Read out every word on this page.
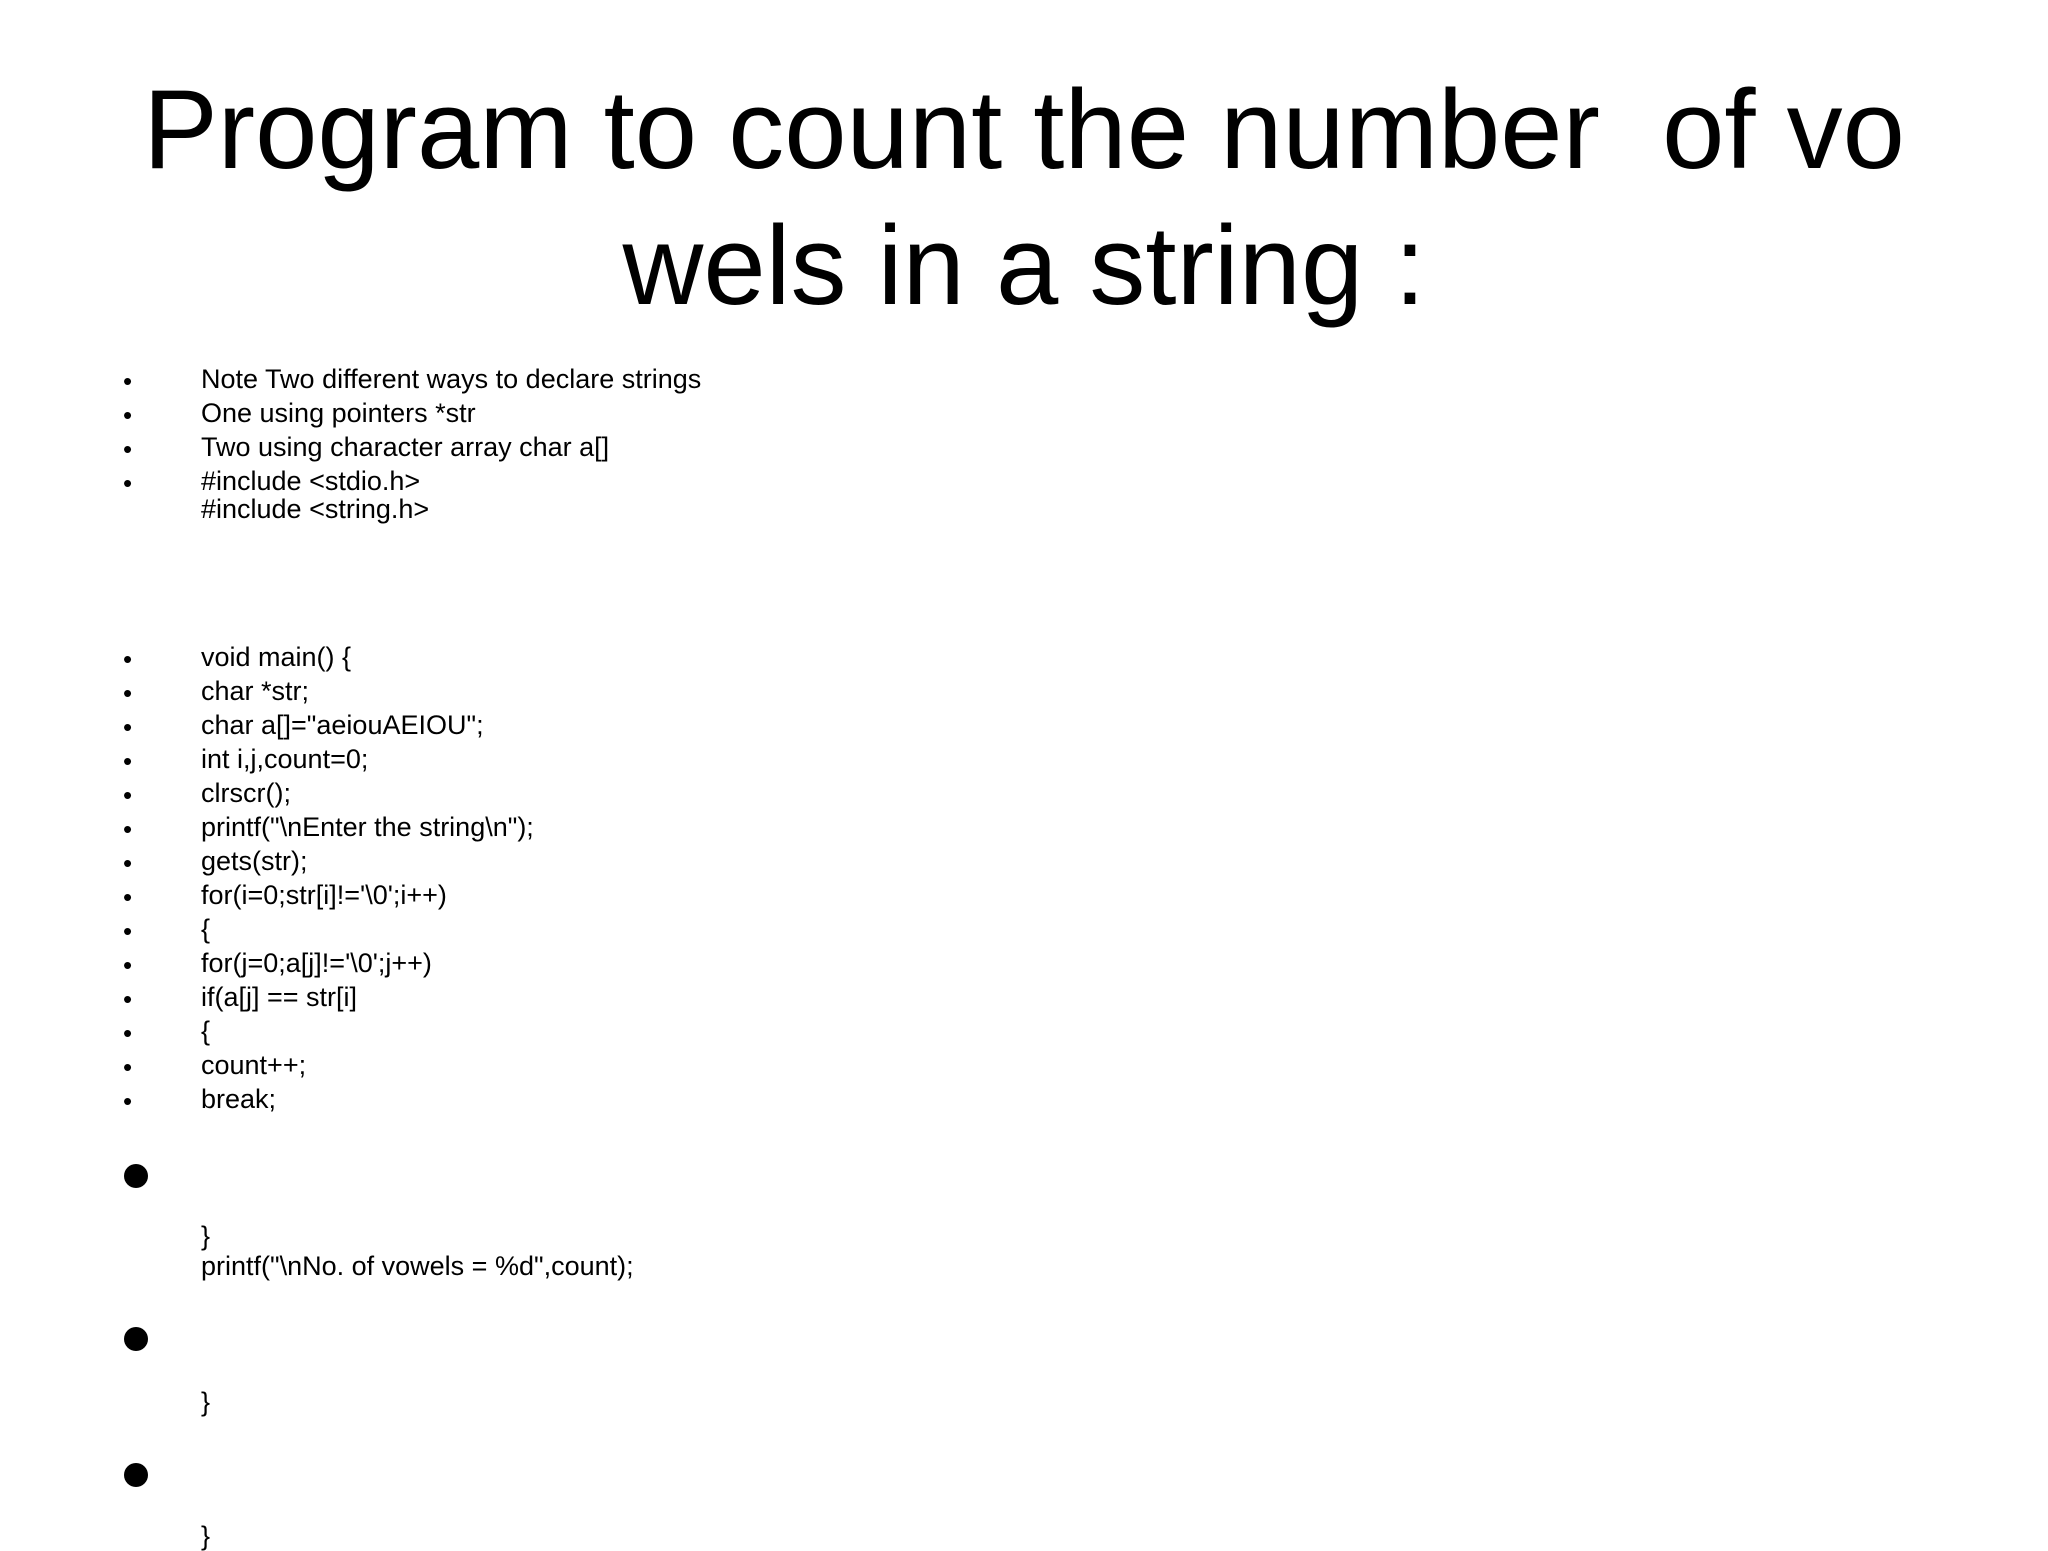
Program to count the number  of vo
wels in a string :
•
•
•
•
•
•
•
•
•
•
•
•
•
•
•
•
•
•
Note Two different ways to declare strings
One using pointers *str
Two using character array char a[]
#include <stdio.h>
#include <string.h>
void main() {
char *str;
char a[]="aeiouAEIOU";
int i,j,count=0;
clrscr();
printf("\nEnter the string\n");
gets(str);
for(i=0;str[i]!='\0';i++)
{
for(j=0;a[j]!='\0';j++)
if(a[j] == str[i]
{
count++;
break;
}
printf("\nNo. of vowels = %d",count);
}
}
